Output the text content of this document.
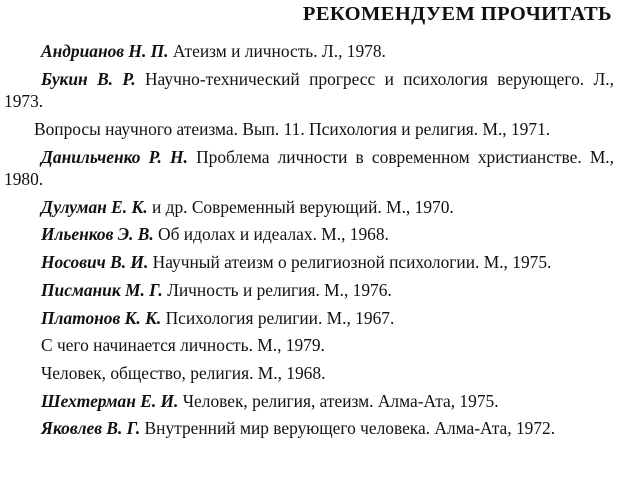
РЕКОМЕНДУЕМ ПРОЧИТАТЬ

Андрианов Н. П. Атеизм и личность. Л., 1978.

Букин В. Р. Научно-технический прогресс и психология верующего. Л., 1973.

Вопросы научного атеизма. Вып. 11. Психология и религия. М., 1971.

Данильченко Р. Н. Проблема личности в современном христианстве. М., 1980.

Дулуман Е. К. и др. Современный верующий. М., 1970.

Ильенков Э. В. Об идолах и идеалах. М., 1968.

Носович В. И. Научный атеизм о религиозной психологии. М., 1975.

Писманик М. Г. Личность и религия. М., 1976.

Платонов К. К. Психология религии. М., 1967.

С чего начинается личность. М., 1979.

Человек, общество, религия. М., 1968.

Шехтерман Е. И. Человек, религия, атеизм. Алма-Ата, 1975.

Яковлев В. Г. Внутренний мир верующего человека. Алма-Ата, 1972.
